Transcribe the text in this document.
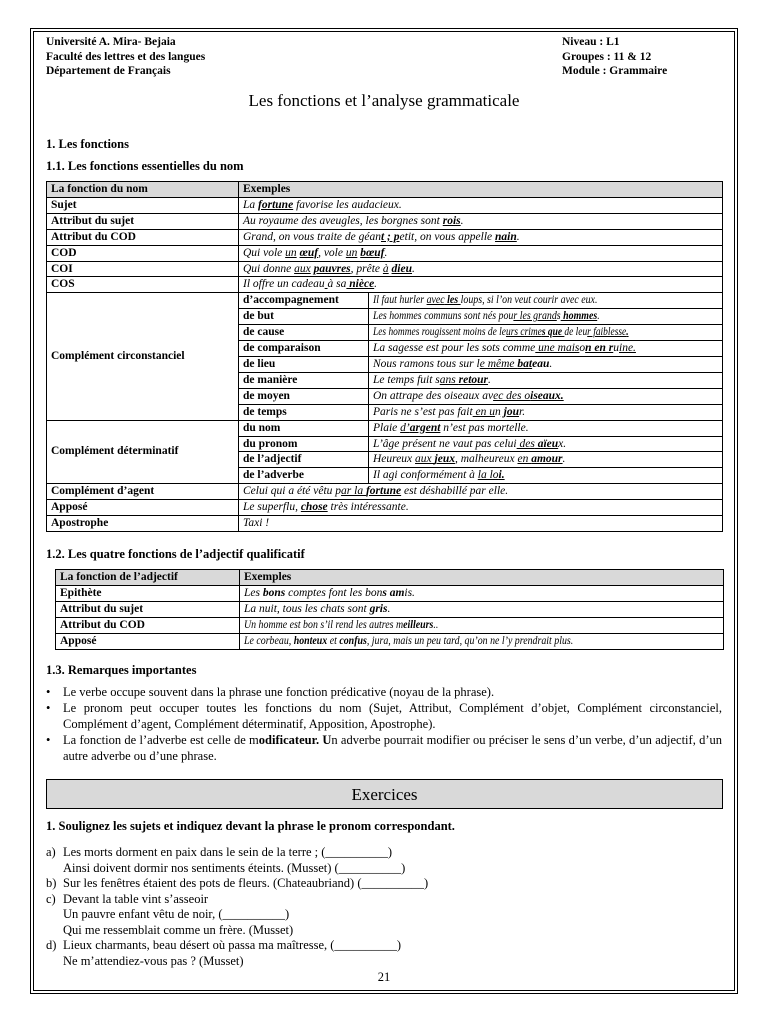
Université A. Mira- Bejaia
Faculté des lettres et des langues
Département de Français
Niveau : L1
Groupes : 11 & 12
Module : Grammaire
Les fonctions et l’analyse grammaticale
1. Les fonctions
1.1. Les fonctions essentielles du nom
La fonction du nom	Exemples	
Sujet	La fortune favorise les audacieux.	
Attribut du sujet	Au royaume des aveugles, les borgnes sont rois.	
Attribut du COD	Grand, on vous traite de géant ; petit, on vous appelle nain.	
COD	Qui vole un œuf, vole un bœuf.	
COI	Qui donne aux pauvres, prête à dieu.	
COS	Il offre un cadeau à sa nièce.	
Complément circonstanciel	d’accompagnement	Il faut hurler avec les loups, si l’on veut courir avec eux.
	de but	Les hommes communs sont nés pour les grands hommes.
	de cause	Les hommes rougissent moins de leurs crimes que de leur faiblesse.
	de comparaison	La sagesse est pour les sots comme une maison en ruine.
	de lieu	Nous ramons tous sur le même bateau.
	de manière	Le temps fuit sans retour.
	de moyen	On attrape des oiseaux avec des oiseaux.
	de temps	Paris ne s’est pas fait en un jour.
Complément déterminatif	du nom	Plaie d’argent n’est pas mortelle.
	du pronom	L’âge présent ne vaut pas celui des aïeux.
	de l’adjectif	Heureux aux jeux, malheureux en amour.
	de l’adverbe	Il agi conformément à la loi.
Complément d’agent	Celui qui a été vêtu par la fortune est déshabillé par elle.	
Apposé	Le superflu, chose très intéressante.	
Apostrophe	Taxi !	
1.2. Les quatre fonctions de l’adjectif qualificatif
La fonction de l’adjectif	Exemples
Epithète	Les bons comptes font les bons amis.
Attribut du sujet	La nuit, tous les chats sont gris.
Attribut du COD	Un homme est bon s’il rend les autres meilleurs..
Apposé	Le corbeau, honteux et confus, jura, mais un peu tard, qu’on ne l’y prendrait plus.
1.3. Remarques importantes
• Le verbe occupe souvent dans la phrase une fonction prédicative (noyau de la phrase).
• Le pronom peut occuper toutes les fonctions du nom (Sujet, Attribut, Complément d’objet, Complément circonstanciel, Complément d’agent, Complément déterminatif, Apposition, Apostrophe).
• La fonction de l’adverbe est celle de modificateur. Un adverbe pourrait modifier ou préciser le sens d’un verbe, d’un adjectif, d’un autre adverbe ou d’une phrase.
Exercices
1. Soulignez les sujets et indiquez devant la phrase le pronom correspondant.
a) Les morts dorment en paix dans le sein de la terre ; (__________)
Ainsi doivent dormir nos sentiments éteints. (Musset) (__________)
b) Sur les fenêtres étaient des pots de fleurs. (Chateaubriand) (__________)
c) Devant la table vint s’asseoir
Un pauvre enfant vêtu de noir, (__________)
Qui me ressemblait comme un frère. (Musset)
d) Lieux charmants, beau désert où passa ma maîtresse, (__________)
Ne m’attendiez-vous pas ? (Musset)
21
